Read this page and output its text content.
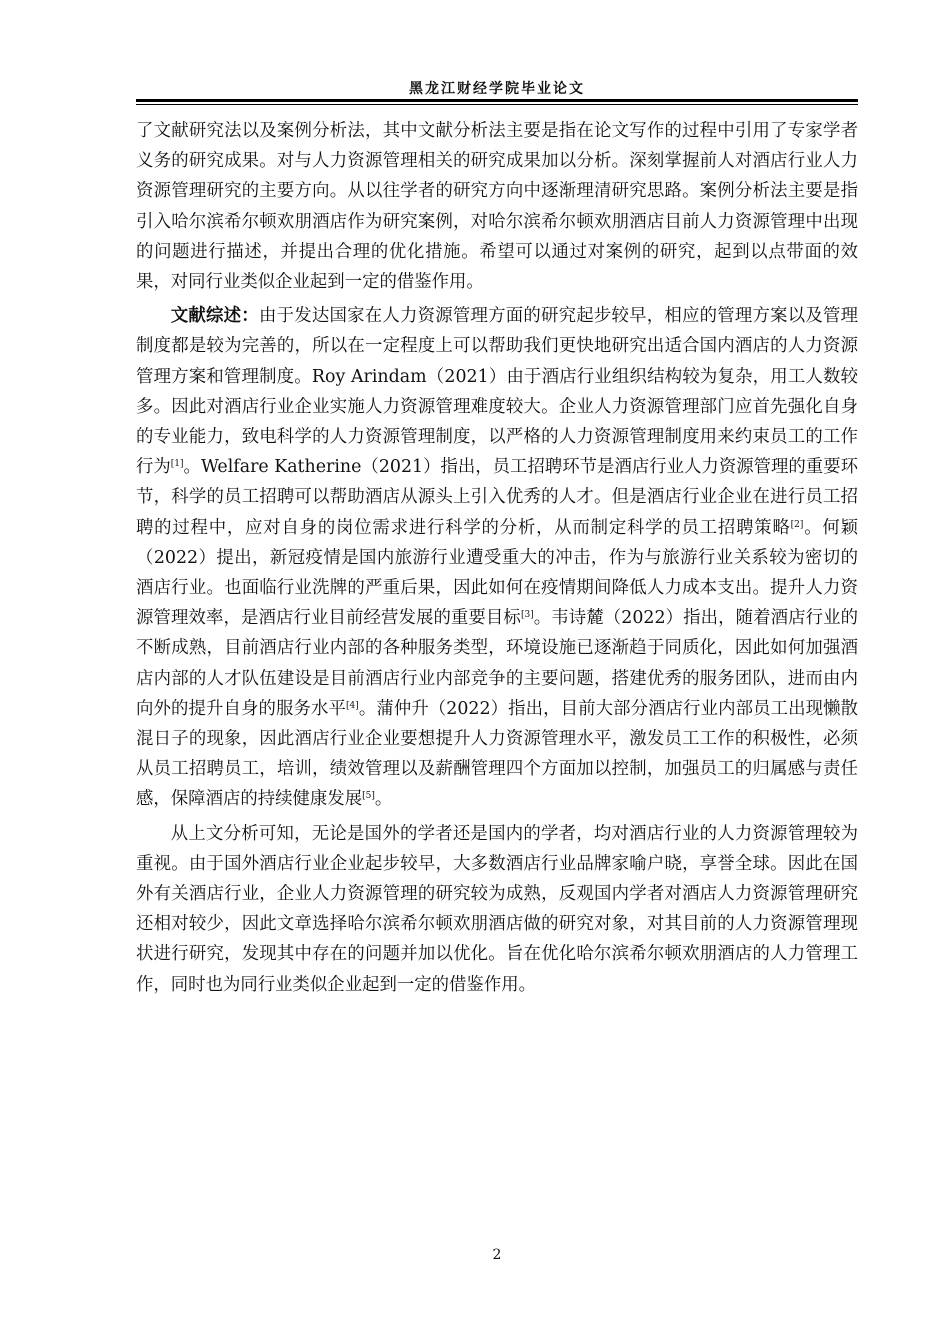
黑龙江财经学院毕业论文

了文献研究法以及案例分析法，其中文献分析法主要是指在论文写作的过程中引用了专家学者义务的研究成果。对与人力资源管理相关的研究成果加以分析。深刻掌握前人对酒店行业人力资源管理研究的主要方向。从以往学者的研究方向中逐渐理清研究思路。案例分析法主要是指引入哈尔滨希尔顿欢朋酒店作为研究案例，对哈尔滨希尔顿欢朋酒店目前人力资源管理中出现的问题进行描述，并提出合理的优化措施。希望可以通过对案例的研究，起到以点带面的效果，对同行业类似企业起到一定的借鉴作用。

文献综述：由于发达国家在人力资源管理方面的研究起步较早，相应的管理方案以及管理制度都是较为完善的，所以在一定程度上可以帮助我们更快地研究出适合国内酒店的人力资源管理方案和管理制度。Roy Arindam（2021）由于酒店行业组织结构较为复杂，用工人数较多。因此对酒店行业企业实施人力资源管理难度较大。企业人力资源管理部门应首先强化自身的专业能力，致电科学的人力资源管理制度，以严格的人力资源管理制度用来约束员工的工作行为[1]。Welfare Katherine（2021）指出，员工招聘环节是酒店行业人力资源管理的重要环节，科学的员工招聘可以帮助酒店从源头上引入优秀的人才。但是酒店行业企业在进行员工招聘的过程中，应对自身的岗位需求进行科学的分析，从而制定科学的员工招聘策略[2]。何颖（2022）提出，新冠疫情是国内旅游行业遭受重大的冲击，作为与旅游行业关系较为密切的酒店行业。也面临行业洗牌的严重后果，因此如何在疫情期间降低人力成本支出。提升人力资源管理效率，是酒店行业目前经营发展的重要目标[3]。韦诗麓（2022）指出，随着酒店行业的不断成熟，目前酒店行业内部的各种服务类型，环境设施已逐渐趋于同质化，因此如何加强酒店内部的人才队伍建设是目前酒店行业内部竞争的主要问题，搭建优秀的服务团队，进而由内向外的提升自身的服务水平[4]。蒲仲升（2022）指出，目前大部分酒店行业内部员工出现懒散混日子的现象，因此酒店行业企业要想提升人力资源管理水平，激发员工工作的积极性，必须从员工招聘员工，培训，绩效管理以及薪酬管理四个方面加以控制，加强员工的归属感与责任感，保障酒店的持续健康发展[5]。

从上文分析可知，无论是国外的学者还是国内的学者，均对酒店行业的人力资源管理较为重视。由于国外酒店行业企业起步较早，大多数酒店行业品牌家喻户晓，享誉全球。因此在国外有关酒店行业，企业人力资源管理的研究较为成熟，反观国内学者对酒店人力资源管理研究还相对较少，因此文章选择哈尔滨希尔顿欢朋酒店做的研究对象，对其目前的人力资源管理现状进行研究，发现其中存在的问题并加以优化。旨在优化哈尔滨希尔顿欢朋酒店的人力管理工作，同时也为同行业类似企业起到一定的借鉴作用。

2
